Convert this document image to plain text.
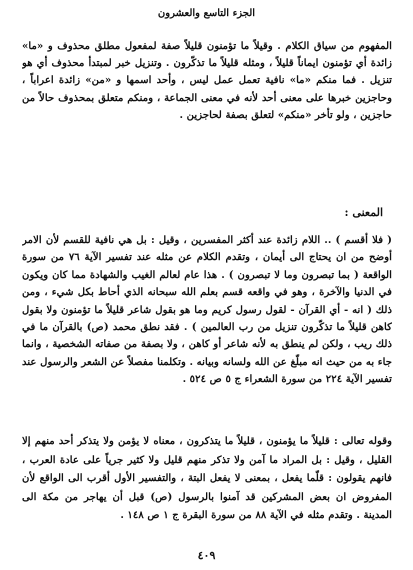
الجزء التاسع والعشرون
المفهوم من سياق الكلام . وقيلاً ما تؤمنون قليلاً صفة لمفعول مطلق محذوف و «ما» زائدة أي تؤمنون ايماناً قليلاً ، ومثله قليلاً ما تذكّرون . وتنزيل خبر لمبتدأ محذوف أي هو تنزيل . فما منكم «ما» نافية تعمل عمل ليس ، وأحد اسمها و «من» زائدة اعراباً ، وحاجزين خبرها على معنى أحد لأنه في معنى الجماعة ، ومنكم متعلق بمحذوف حالاً من حاجزين ، ولو تأخر «منكم» لتعلق بصفة لحاجزين .
المعنى :
( فلا أقسم ) .. اللام زائدة عند أكثر المفسرين ، وقيل : بل هي نافية للقسم لأن الامر أوضح من ان يحتاج الى أيمان ، وتقدم الكلام عن مثله عند تفسير الآية ٧٦ من سورة الواقعة ( بما تبصرون وما لا تبصرون ) . هذا عام لعالم الغيب والشهادة مما كان ويكون في الدنيا والآخرة ، وهو في واقعه قسم بعلم الله سبحانه الذي أحاط بكل شيء ، ومن ذلك ( انه - أي القرآن - لقول رسول كريم وما هو بقول شاعر قليلاً ما تؤمنون ولا بقول كاهن قليلاً ما تذكّرون تنزيل من رب العالمين ) . فقد نطق محمد (ص) بالقرآن ما في ذلك ريب ، ولكن لم ينطق به لأنه شاعر أو كاهن ، ولا بصفة من صفاته الشخصية ، وانما جاء به من حيث انه مبلّغ عن الله ولسانه وبيانه . وتكلمنا مفصلاً عن الشعر والرسول عند تفسير الآية ٢٢٤ من سورة الشعراء ج ٥ ص ٥٢٤ .
وقوله تعالى : قليلاً ما يؤمنون ، قليلاً ما يتذكرون ، معناه لا يؤمن ولا يتذكر أحد منهم إلا القليل ، وقيل : بل المراد ما آمن ولا تذكر منهم قليل ولا كثير جرياً على عادة العرب ، فانهم يقولون : قلّما يفعل ، بمعنى لا يفعل البتة ، والتفسير الأول أقرب الى الواقع لأن المفروض ان بعض المشركين قد آمنوا بالرسول (ص) قبل أن يهاجر من مكة الى المدينة . وتقدم مثله في الآية ٨٨ من سورة البقرة ج ١ ص ١٤٨ .
٤٠٩
